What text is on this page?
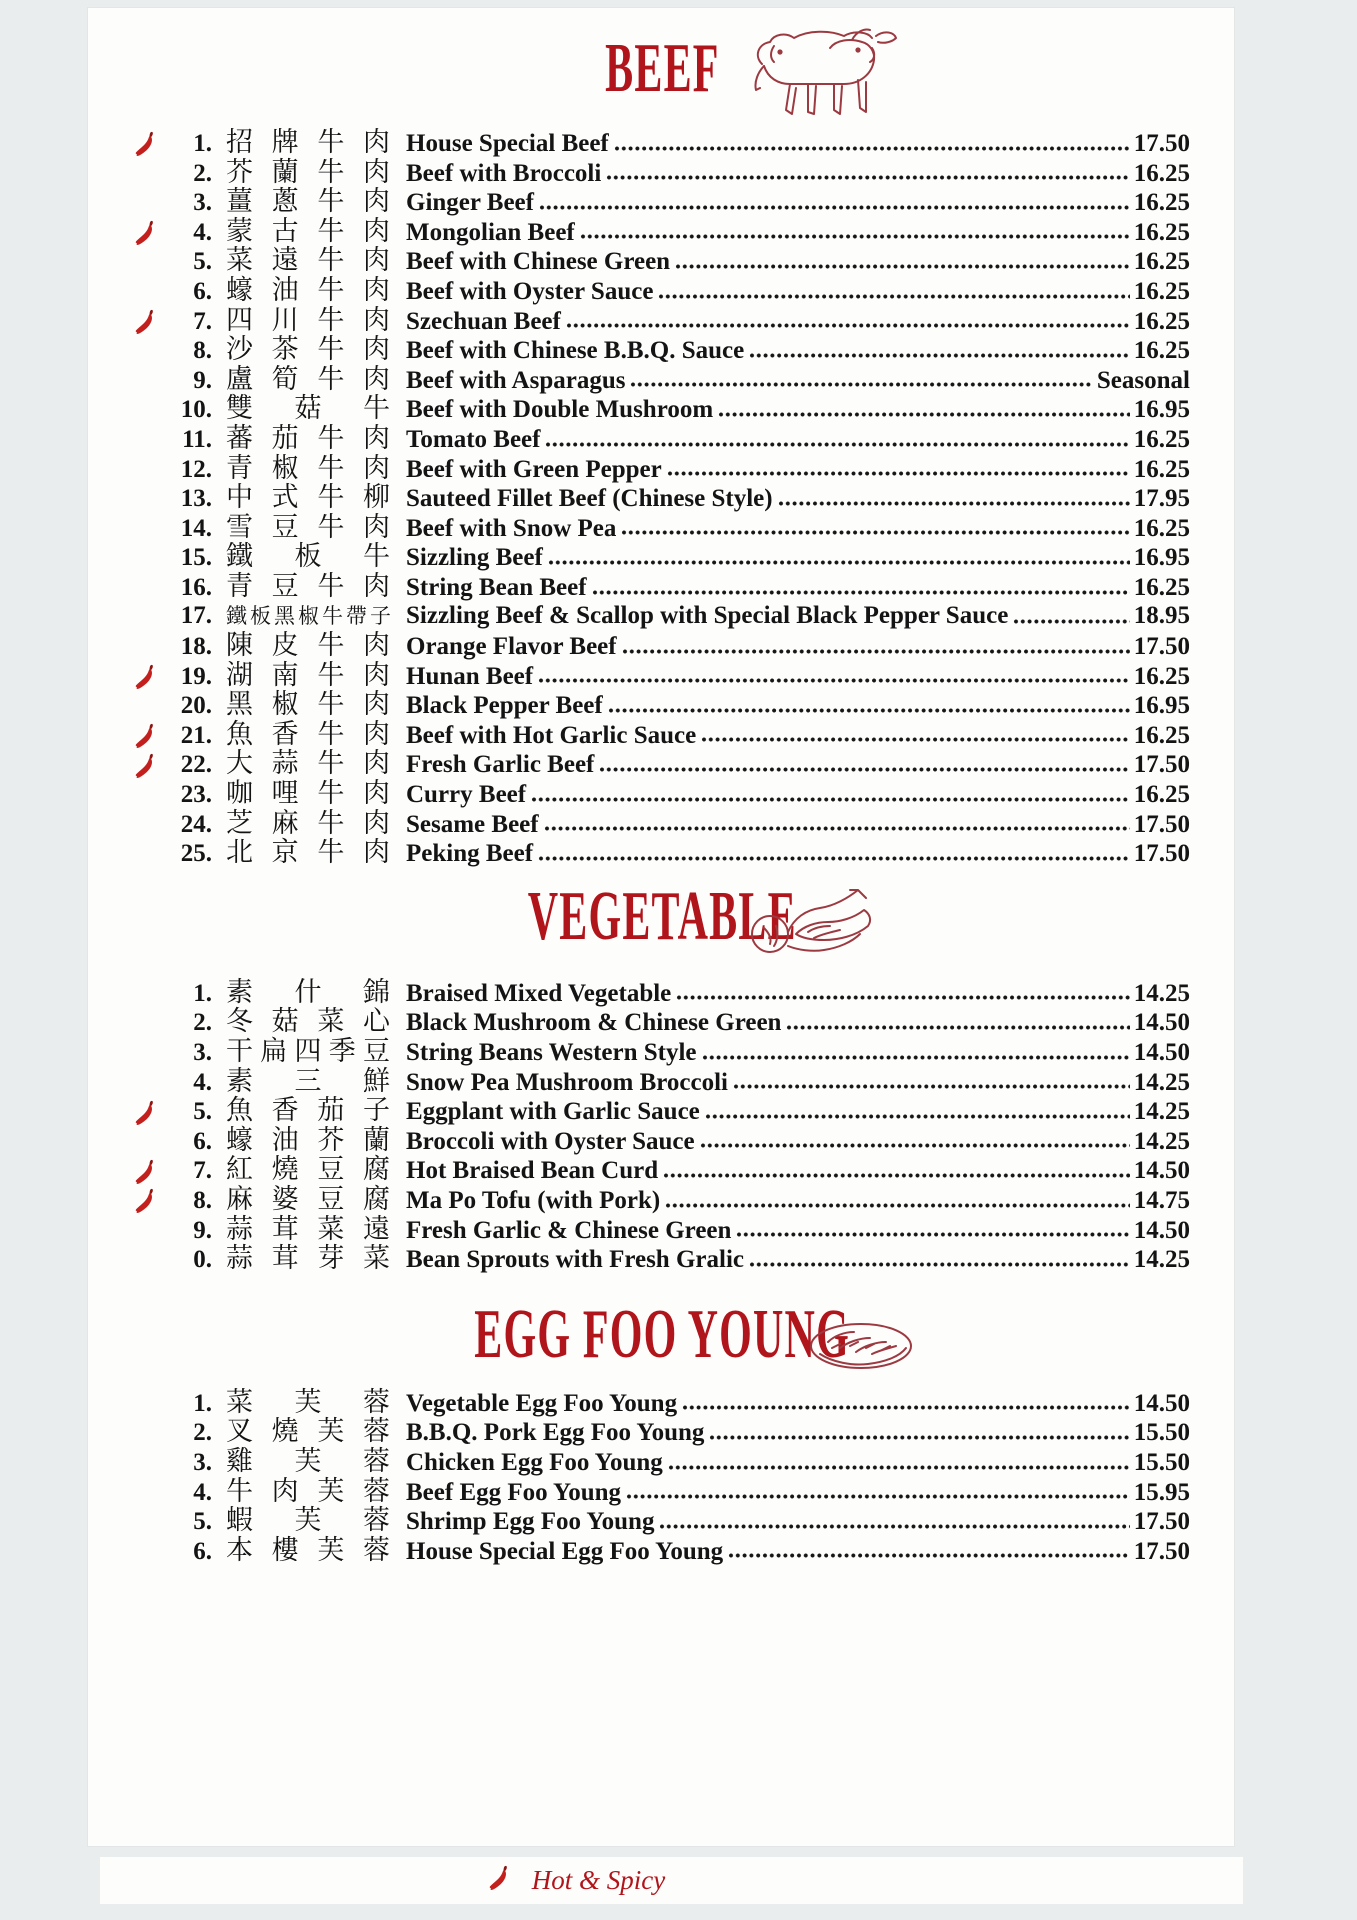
BEEF
1. 招 牌 牛 肉 House Special Beef	17.50
2. 芥 蘭 牛 肉 Beef with Broccoli	16.25
3. 薑 蔥 牛 肉 Ginger Beef	16.25
4. 蒙 古 牛 肉 Mongolian Beef	16.25
5. 菜 遠 牛 肉 Beef with Chinese Green	16.25
6. 蠔 油 牛 肉 Beef with Oyster Sauce	16.25
7. 四 川 牛 肉 Szechuan Beef	16.25
8. 沙 茶 牛 肉 Beef with Chinese B.B.Q. Sauce	16.25
9. 盧 筍 牛 肉 Beef with Asparagus	Seasonal
10. 雙 菇 牛 Beef with Double Mushroom	16.95
11. 蕃 茄 牛 肉 Tomato Beef	16.25
12. 青 椒 牛 肉 Beef with Green Pepper	16.25
13. 中 式 牛 柳 Sauteed Fillet Beef (Chinese Style)	17.95
14. 雪 豆 牛 肉 Beef with Snow Pea	16.25
15. 鐵 板 牛 Sizzling Beef	16.95
16. 青 豆 牛 肉 String Bean Beef	16.25
17. 鐵 板 黑 椒 牛 帶 子 Sizzling Beef & Scallop with Special Black Pepper Sauce	18.95
18. 陳 皮 牛 肉 Orange Flavor Beef	17.50
19. 湖 南 牛 肉 Hunan Beef	16.25
20. 黑 椒 牛 肉 Black Pepper Beef	16.95
21. 魚 香 牛 肉 Beef with Hot Garlic Sauce	16.25
22. 大 蒜 牛 肉 Fresh Garlic Beef	17.50
23. 咖 哩 牛 肉 Curry Beef	16.25
24. 芝 麻 牛 肉 Sesame Beef	17.50
25. 北 京 牛 肉 Peking Beef	17.50
VEGETABLE
1. 素 什 錦 Braised Mixed Vegetable	14.25
2. 冬 菇 菜 心 Black Mushroom & Chinese Green	14.50
3. 干 扁 四 季 豆 String Beans Western Style	14.50
4. 素 三 鮮 Snow Pea Mushroom Broccoli	14.25
5. 魚 香 茄 子 Eggplant with Garlic Sauce	14.25
6. 蠔 油 芥 蘭 Broccoli with Oyster Sauce	14.25
7. 紅 燒 豆 腐 Hot Braised Bean Curd	14.50
8. 麻 婆 豆 腐 Ma Po Tofu (with Pork)	14.75
9. 蒜 茸 菜 遠 Fresh Garlic & Chinese Green	14.50
0. 蒜 茸 芽 菜 Bean Sprouts with Fresh Gralic	14.25
EGG FOO YOUNG
1. 菜 芙 蓉 Vegetable Egg Foo Young	14.50
2. 叉 燒 芙 蓉 B.B.Q. Pork Egg Foo Young	15.50
3. 雞 芙 蓉 Chicken Egg Foo Young	15.50
4. 牛 肉 芙 蓉 Beef Egg Foo Young	15.95
5. 蝦 芙 蓉 Shrimp Egg Foo Young	17.50
6. 本 樓 芙 蓉 House Special Egg Foo Young	17.50
Hot & Spicy
